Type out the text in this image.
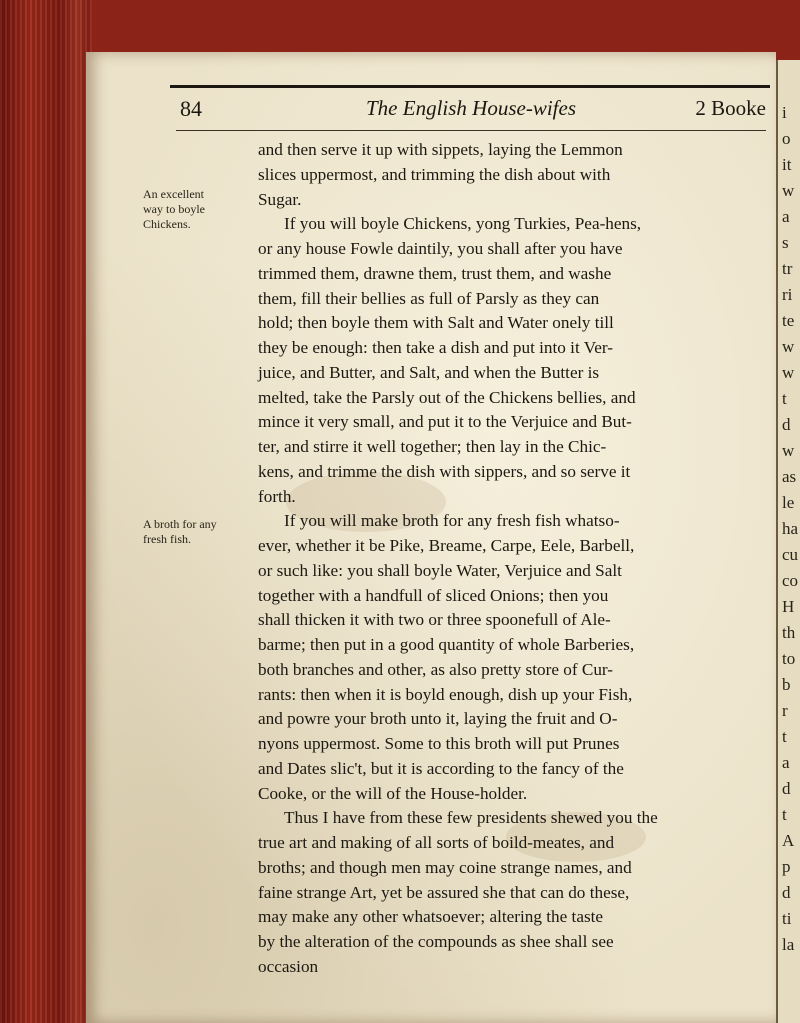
i
o
it
w
a
s
tr
ri
te
w
w
t
d
w
as
le
ha
cu
co
H
th
to
b
r
t
a
d
t
A
p
d
ti
la
84	The English House-wifes	2 Booke
An excellent
way to boyle
Chickens.
A broth for any
fresh fish.
and then serve it up with sippets, laying the Lemmon
slices uppermost, and trimming the dish about with
Sugar.
If you will boyle Chickens, yong Turkies, Pea-hens,
or any house Fowle daintily, you shall after you have
trimmed them, drawne them, trust them, and washe
them, fill their bellies as full of Parsly as they can
hold; then boyle them with Salt and Water onely till
they be enough: then take a dish and put into it Ver-
juice, and Butter, and Salt, and when the Butter is
melted, take the Parsly out of the Chickens bellies, and
mince it very small, and put it to the Verjuice and But-
ter, and stirre it well together; then lay in the Chic-
kens, and trimme the dish with sippers, and so serve it
forth.
If you will make broth for any fresh fish whatso-
ever, whether it be Pike, Breame, Carpe, Eele, Barbell,
or such like: you shall boyle Water, Verjuice and Salt
together with a handfull of sliced Onions; then you
shall thicken it with two or three spoonefull of Ale-
barme; then put in a good quantity of whole Barberies,
both branches and other, as also pretty store of Cur-
rants: then when it is boyld enough, dish up your Fish,
and powre your broth unto it, laying the fruit and O-
nyons uppermost. Some to this broth will put Prunes
and Dates slic't, but it is according to the fancy of the
Cooke, or the will of the House-holder.
Thus I have from these few presidents shewed you the
true art and making of all sorts of boild-meates, and
broths; and though men may coine strange names, and
faine strange Art, yet be assured she that can do these,
may make any other whatsoever; altering the taste
by the alteration of the compounds as shee shall see
occasion
